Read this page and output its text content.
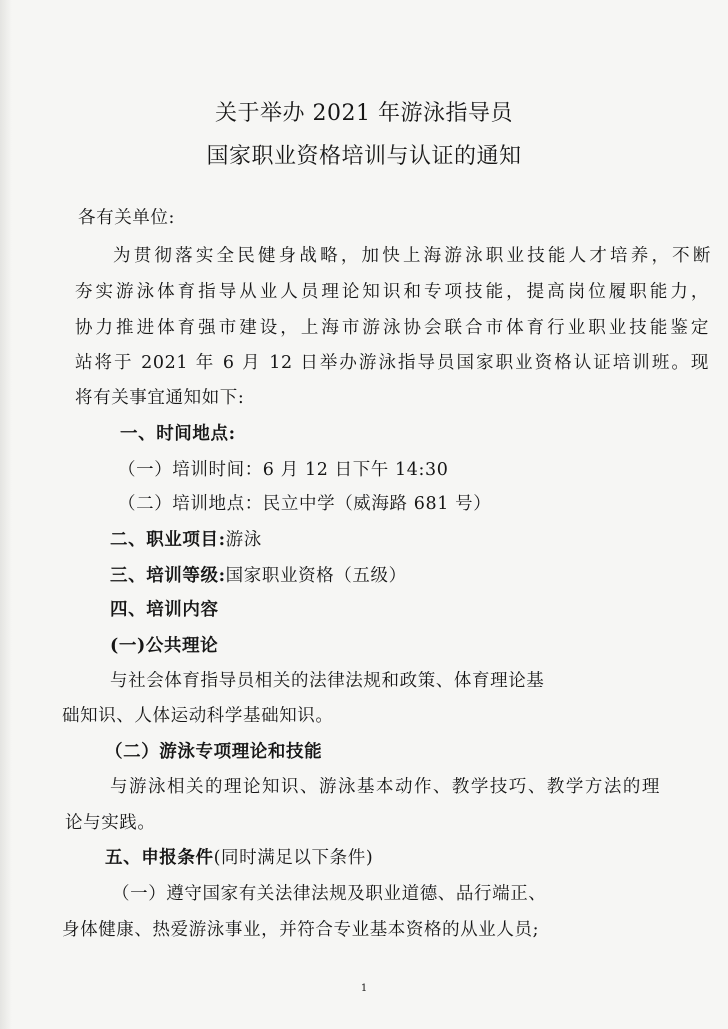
关于举办 2021 年游泳指导员
国家职业资格培训与认证的通知
各有关单位:
为贯彻落实全民健身战略，加快上海游泳职业技能人才培养，不断
夯实游泳体育指导从业人员理论知识和专项技能，提高岗位履职能力，
协力推进体育强市建设，上海市游泳协会联合市体育行业职业技能鉴定
站将于 2021 年 6 月 12 日举办游泳指导员国家职业资格认证培训班。现
将有关事宜通知如下:
一、时间地点:
（一）培训时间：6 月 12 日下午 14:30
（二）培训地点：民立中学（威海路 681 号）
二、职业项目:游泳
三、培训等级:国家职业资格（五级）
四、培训内容
(一)公共理论
与社会体育指导员相关的法律法规和政策、体育理论基
础知识、人体运动科学基础知识。
（二）游泳专项理论和技能
与游泳相关的理论知识、游泳基本动作、教学技巧、教学方法的理
论与实践。
五、申报条件(同时满足以下条件)
（一）遵守国家有关法律法规及职业道德、品行端正、
身体健康、热爱游泳事业，并符合专业基本资格的从业人员;
1
